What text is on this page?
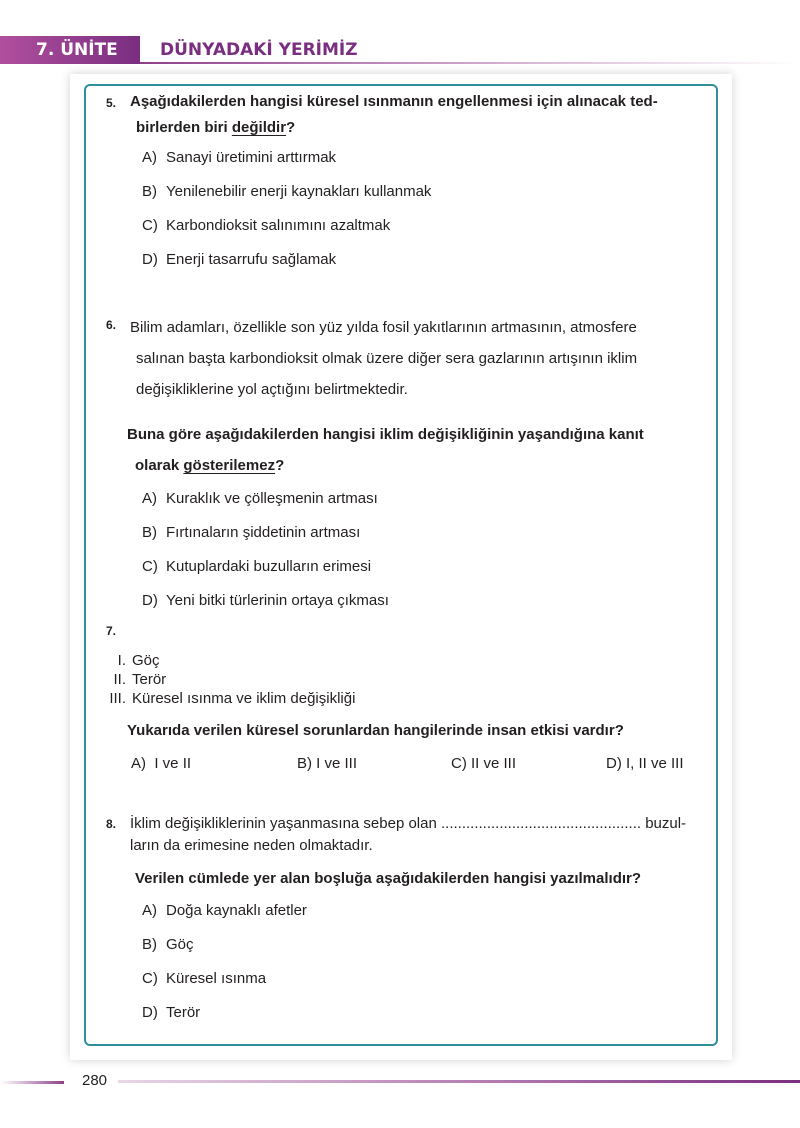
7. ÜNİTE	DÜNYADAKİ YERİMİZ
5. Aşağıdakilerden hangisi küresel ısınmanın engellenmesi için alınacak ted-
birlerden biri değildir?
A) Sanayi üretimini arttırmak
B) Yenilenebilir enerji kaynakları kullanmak
C) Karbondioksit salınımını azaltmak
D) Enerji tasarrufu sağlamak
6. Bilim adamları, özellikle son yüz yılda fosil yakıtlarının artmasının, atmosfere
salınan başta karbondioksit olmak üzere diğer sera gazlarının artışının iklim
değişikliklerine yol açtığını belirtmektedir.
Buna göre aşağıdakilerden hangisi iklim değişikliğinin yaşandığına kanıt
olarak gösterilemez?
A) Kuraklık ve çölleşmenin artması
B) Fırtınaların şiddetinin artması
C) Kutuplardaki buzulların erimesi
D) Yeni bitki türlerinin ortaya çıkması
7.
I. Göç
II. Terör
III. Küresel ısınma ve iklim değişikliği
Yukarıda verilen küresel sorunlardan hangilerinde insan etkisi vardır?
A) I ve II	B) I ve III	C) II ve III	D) I, II ve III
8. İklim değişikliklerinin yaşanmasına sebep olan ................................................ buzul-
ların da erimesine neden olmaktadır.
Verilen cümlede yer alan boşluğa aşağıdakilerden hangisi yazılmalıdır?
A) Doğa kaynaklı afetler
B) Göç
C) Küresel ısınma
D) Terör
280
